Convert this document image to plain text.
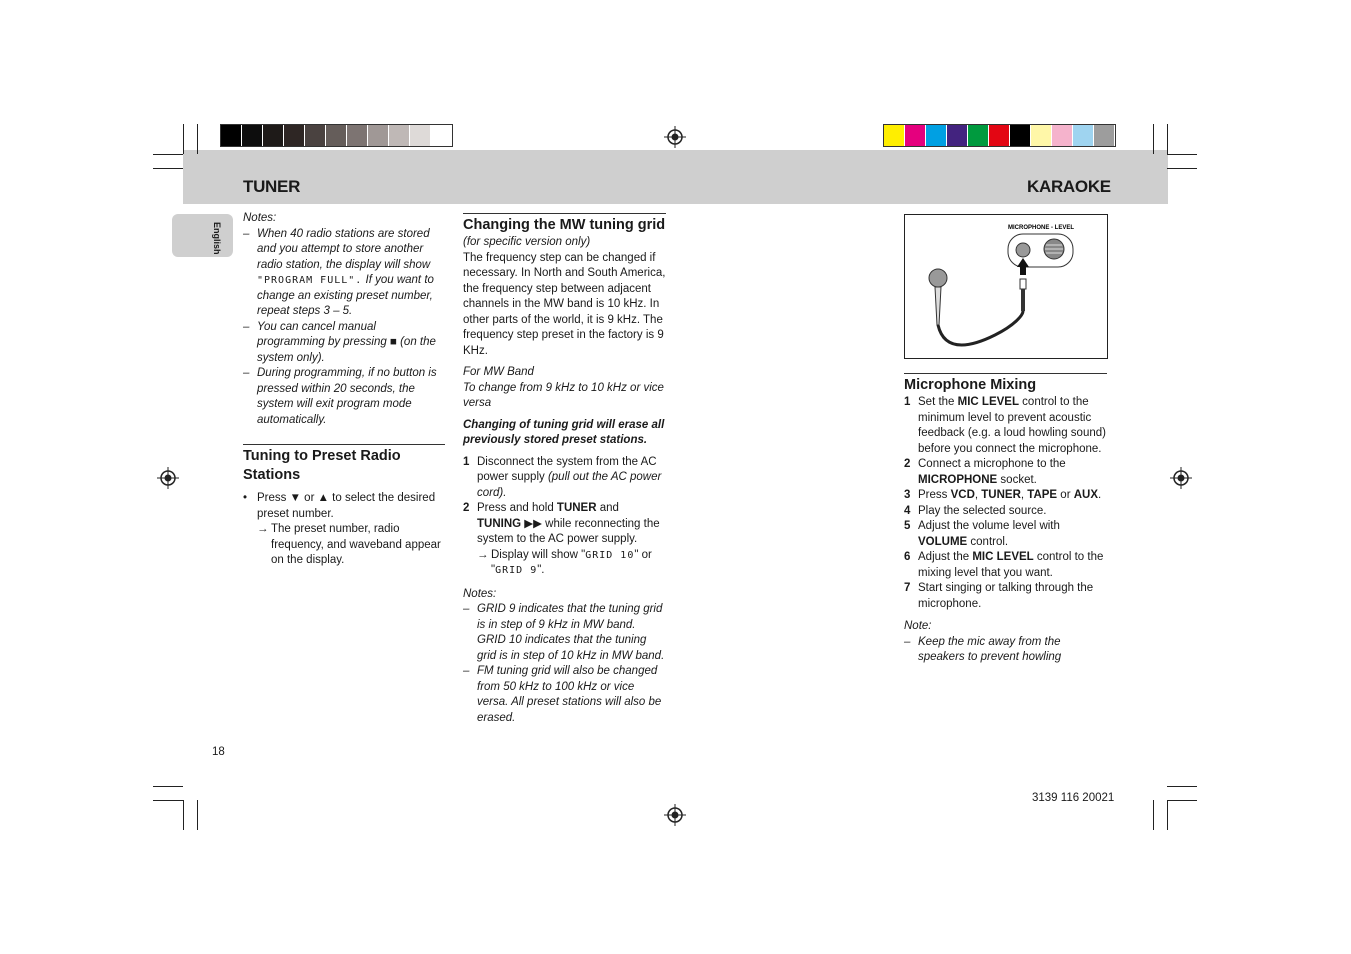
TUNER	KARAOKE
English

Notes:

– When 40 radio stations are stored and you attempt to store another radio station, the display will show "PROGRAM FULL". If you want to change an existing preset number, repeat steps 3 – 5.
– You can cancel manual programming by pressing ■ (on the system only).
– During programming, if no button is pressed within 20 seconds, the system will exit program mode automatically.
Tuning to Preset Radio Stations
• Press ▼ or ▲ to select the desired preset number.
→ The preset number, radio frequency, and waveband appear on the display.
Changing the MW tuning grid

(for specific version only)

The frequency step can be changed if necessary. In North and South America, the frequency step between adjacent channels in the MW band is 10 kHz. In other parts of the world, it is 9 kHz. The frequency step preset in the factory is 9 KHz.

For MW Band

To change from 9 kHz to 10 kHz or vice versa

Changing of tuning grid will erase all previously stored preset stations.

1 Disconnect the system from the AC power supply (pull out the AC power cord).
2 Press and hold TUNER and TUNING ▶▶ while reconnecting the system to the AC power supply.
→ Display will show "GRID 10" or "GRID 9".

Notes:

– GRID 9 indicates that the tuning grid is in step of 9 kHz in MW band. GRID 10 indicates that the tuning grid is in step of 10 kHz in MW band.
– FM tuning grid will also be changed from 50 kHz to 100 kHz or vice versa. All preset stations will also be erased.
MICROPHONE - LEVEL
Microphone Mixing
1 Set the MIC LEVEL control to the minimum level to prevent acoustic feedback (e.g. a loud howling sound) before you connect the microphone.
2 Connect a microphone to the MICROPHONE socket.
3 Press VCD, TUNER, TAPE or AUX.
4 Play the selected source.
5 Adjust the volume level with VOLUME control.
6 Adjust the MIC LEVEL control to the mixing level that you want.
7 Start singing or talking through the microphone.

Note:

– Keep the mic away from the speakers to prevent howling
18
3139 116 20021
